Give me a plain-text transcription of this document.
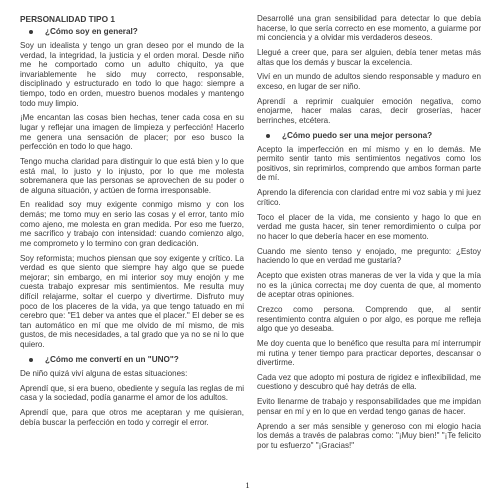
PERSONALIDAD TIPO 1
¿Cómo soy en general?

Soy un idealista y tengo un gran deseo por el mundo de la verdad, la integridad, la justicia y el orden moral. Desde niño me he comportado como un adulto chiquito, ya que invariablemente he sido muy correcto, responsable, disciplinado y estructurado en todo lo que hago: siempre a tiempo, todo en orden, muestro buenos modales y mantengo todo muy limpio.

¡Me encantan las cosas bien hechas, tener cada cosa en su lugar y reflejar una imagen de limpieza y perfección! Hacerlo me genera una sensación de placer; por eso busco la perfección en todo lo que hago.

Tengo mucha claridad para distinguir lo que está bien y lo que está mal, lo justo y lo injusto, por lo que me molesta sobremanera que las personas se aprovechen de su poder o de alguna situación, y actúen de forma irresponsable.

En realidad soy muy exigente conmigo mismo y con los demás; me tomo muy en serio las cosas y el error, tanto mío como ajeno, me molesta en gran medida. Por eso me fuerzo, me sacrifico y trabajo con intensidad: cuando comienzo algo, me comprometo y lo termino con gran dedicación.

Soy reformista; muchos piensan que soy exigente y crítico. La verdad es que siento que siempre hay algo que se puede mejorar; sin embargo, en mi interior soy muy enojón y me cuesta trabajo expresar mis sentimientos. Me resulta muy difícil relajarme, soltar el cuerpo y divertirme. Disfruto muy poco de los placeres de la vida, ya que tengo tatuado en mi cerebro que: "E1 deber va antes que el placer." El deber se es tan automático en mí que me olvido de mí mismo, de mis gustos, de mis necesidades, a tal grado que ya no se ni lo que quiero.

¿Cómo me convertí en un "UNO"?

De niño quizá viví alguna de estas situaciones:

Aprendí que, si era bueno, obediente y seguía las reglas de mi casa y la sociedad, podía ganarme el amor de los adultos.

Aprendí que, para que otros me aceptaran y me quisieran, debía buscar la perfección en todo y corregir el error.

Desarrollé una gran sensibilidad para detectar lo que debía hacerse, lo que sería correcto en ese momento, a guiarme por mi conciencia y a olvidar mis verdaderos deseos.

Llegué a creer que, para ser alguien, debía tener metas más altas que los demás y buscar la excelencia.

Viví en un mundo de adultos siendo responsable y maduro en exceso, en lugar de ser niño.

Aprendí a reprimir cualquier emoción negativa, como enojarme, hacer malas caras, decir groserías, hacer berrinches, etcétera.

¿Cómo puedo ser una mejor persona?

Acepto la imperfección en mí mismo y en lo demás. Me permito sentir tanto mis sentimientos negativos como los positivos, sin reprimirlos, comprendo que ambos forman parte de mí.

Aprendo la diferencia con claridad entre mi voz sabia y mi juez crítico.

Toco el placer de la vida, me consiento y hago lo que en verdad me gusta hacer, sin tener remordimiento o culpa por no hacer lo que debería hacer en ese momento.

Cuando me siento tenso y enojado, me pregunto: ¿Estoy haciendo lo que en verdad me gustaría?

Acepto que existen otras maneras de ver la vida y que la mía no es la ¡única correcta¡ me doy cuenta de que, al momento de aceptar otras opiniones.

Crezco como persona. Comprendo que, al sentir resentimiento contra alguien o por algo, es porque me refleja algo que yo deseaba.

Me doy cuenta que lo benéfico que resulta para mí interrumpir mi rutina y tener tiempo para practicar deportes, descansar o divertirme.

Cada vez que adopto mi postura de rigidez e inflexibilidad, me cuestiono y descubro qué hay detrás de ella.

Evito llenarme de trabajo y responsabilidades que me impidan pensar en mí y en lo que en verdad tengo ganas de hacer.

Aprendo a ser más sensible y generoso con mi elogio hacia los demás a través de palabras como: "¡Muy bien!" "¡Te felicito por tu esfuerzo" "¡Gracias!"

1
